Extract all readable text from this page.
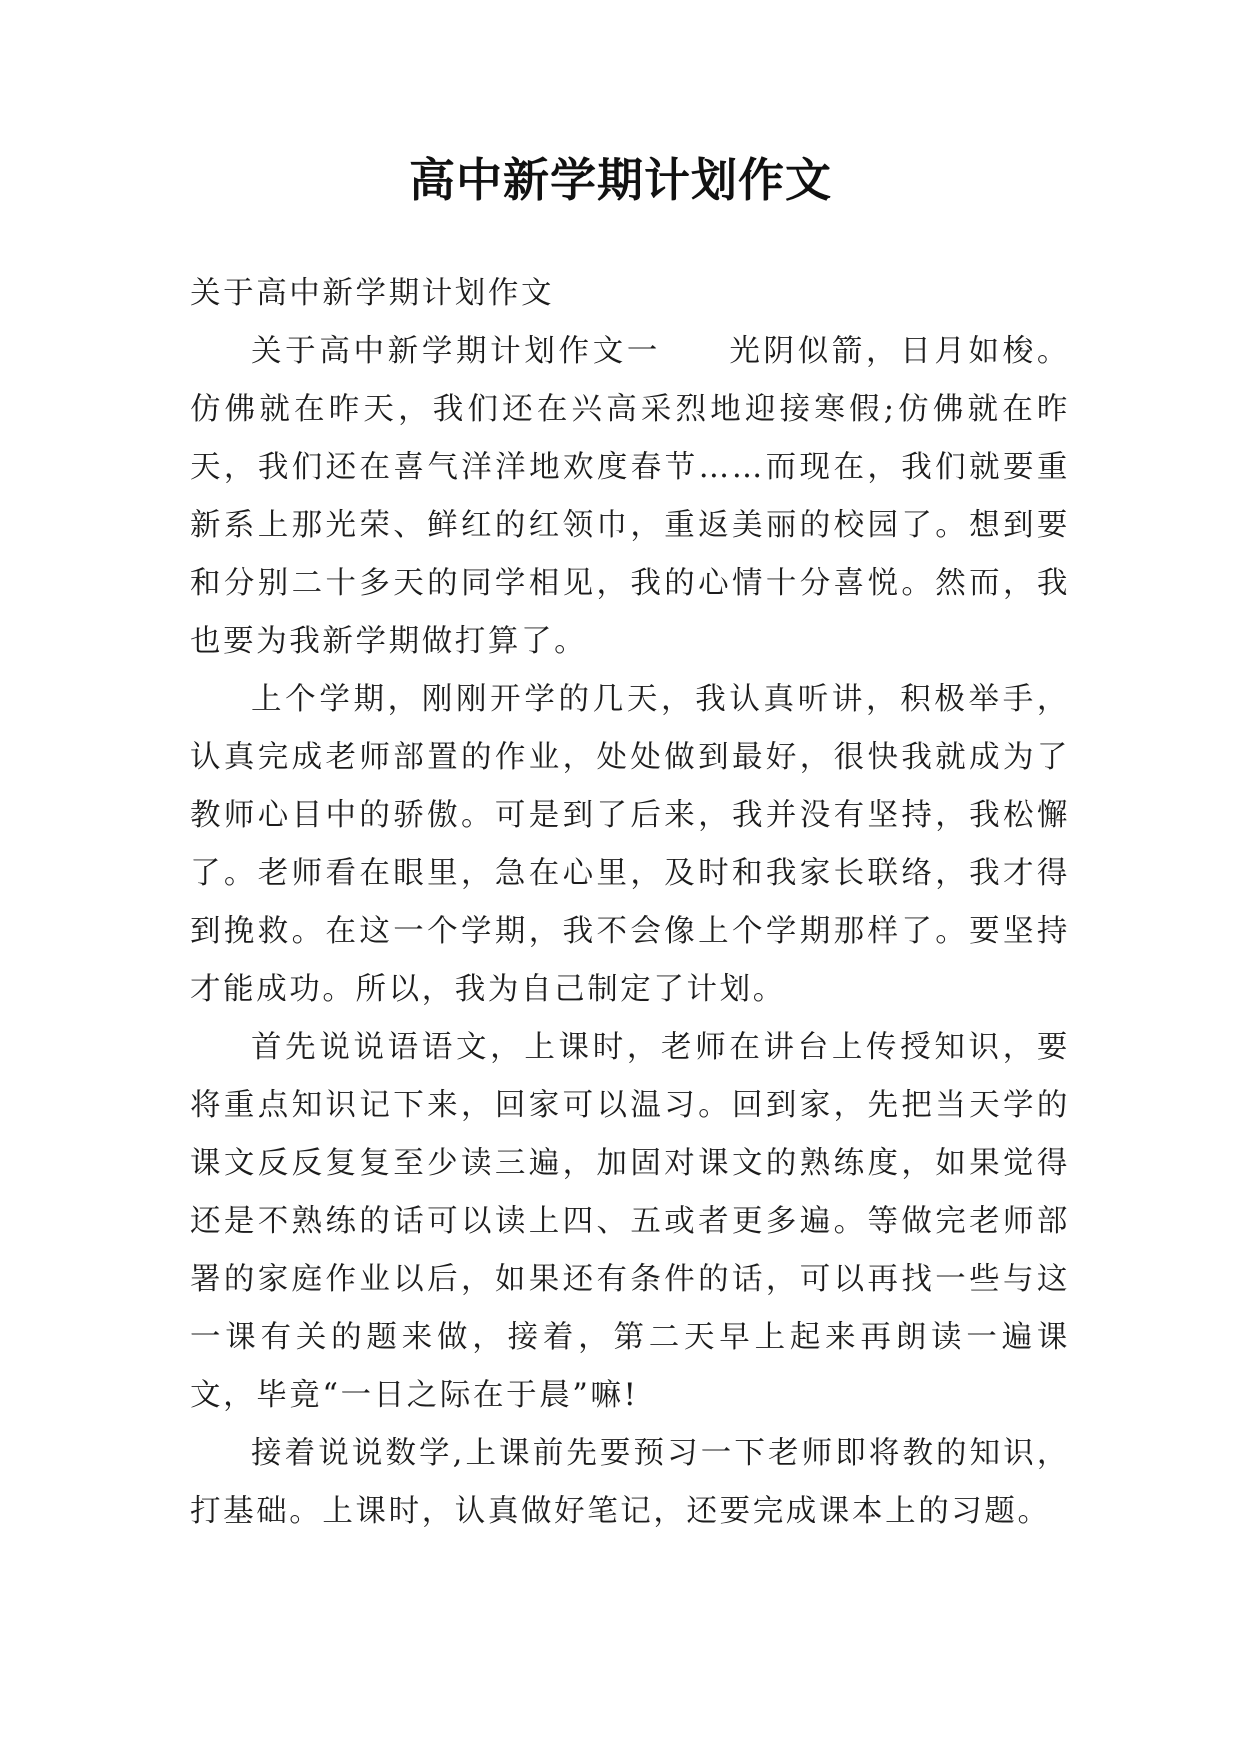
高中新学期计划作文

关于高中新学期计划作文

关于高中新学期计划作文一　　光阴似箭，日月如梭。仿佛就在昨天，我们还在兴高采烈地迎接寒假;仿佛就在昨天，我们还在喜气洋洋地欢度春节……而现在，我们就要重新系上那光荣、鲜红的红领巾，重返美丽的校园了。想到要和分别二十多天的同学相见，我的心情十分喜悦。然而，我也要为我新学期做打算了。

上个学期，刚刚开学的几天，我认真听讲，积极举手，认真完成老师部置的作业，处处做到最好，很快我就成为了教师心目中的骄傲。可是到了后来，我并没有坚持，我松懈了。老师看在眼里，急在心里，及时和我家长联络，我才得到挽救。在这一个学期，我不会像上个学期那样了。要坚持才能成功。所以，我为自己制定了计划。

首先说说语语文，上课时，老师在讲台上传授知识，要将重点知识记下来，回家可以温习。回到家，先把当天学的课文反反复复至少读三遍，加固对课文的熟练度，如果觉得还是不熟练的话可以读上四、五或者更多遍。等做完老师部署的家庭作业以后，如果还有条件的话，可以再找一些与这一课有关的题来做，接着，第二天早上起来再朗读一遍课文，毕竟“一日之际在于晨”嘛!

接着说说数学,上课前先要预习一下老师即将教的知识，打基础。上课时，认真做好笔记，还要完成课本上的习题。
